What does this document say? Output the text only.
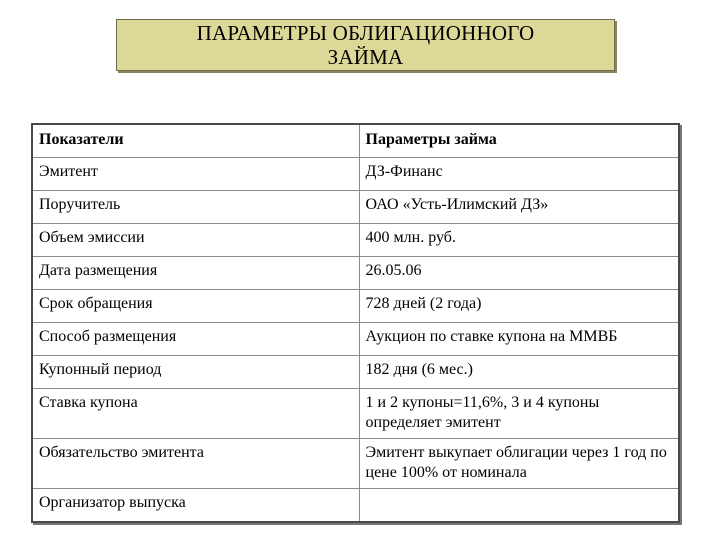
ПАРАМЕТРЫ ОБЛИГАЦИОННОГО
ЗАЙМА
Показатели	Параметры займа
Эмитент	ДЗ-Финанс
Поручитель	ОАО «Усть-Илимский ДЗ»
Объем эмиссии	400 млн. руб.
Дата размещения	26.05.06
Срок обращения	728 дней (2 года)
Способ размещения	Аукцион по ставке купона на ММВБ
Купонный период	182 дня (6 мес.)
Ставка купона	1 и 2 купоны=11,6%, 3 и 4 купоны определяет эмитент
Обязательство эмитента	Эмитент выкупает облигации через 1 год по цене 100% от номинала
Организатор выпуска	
